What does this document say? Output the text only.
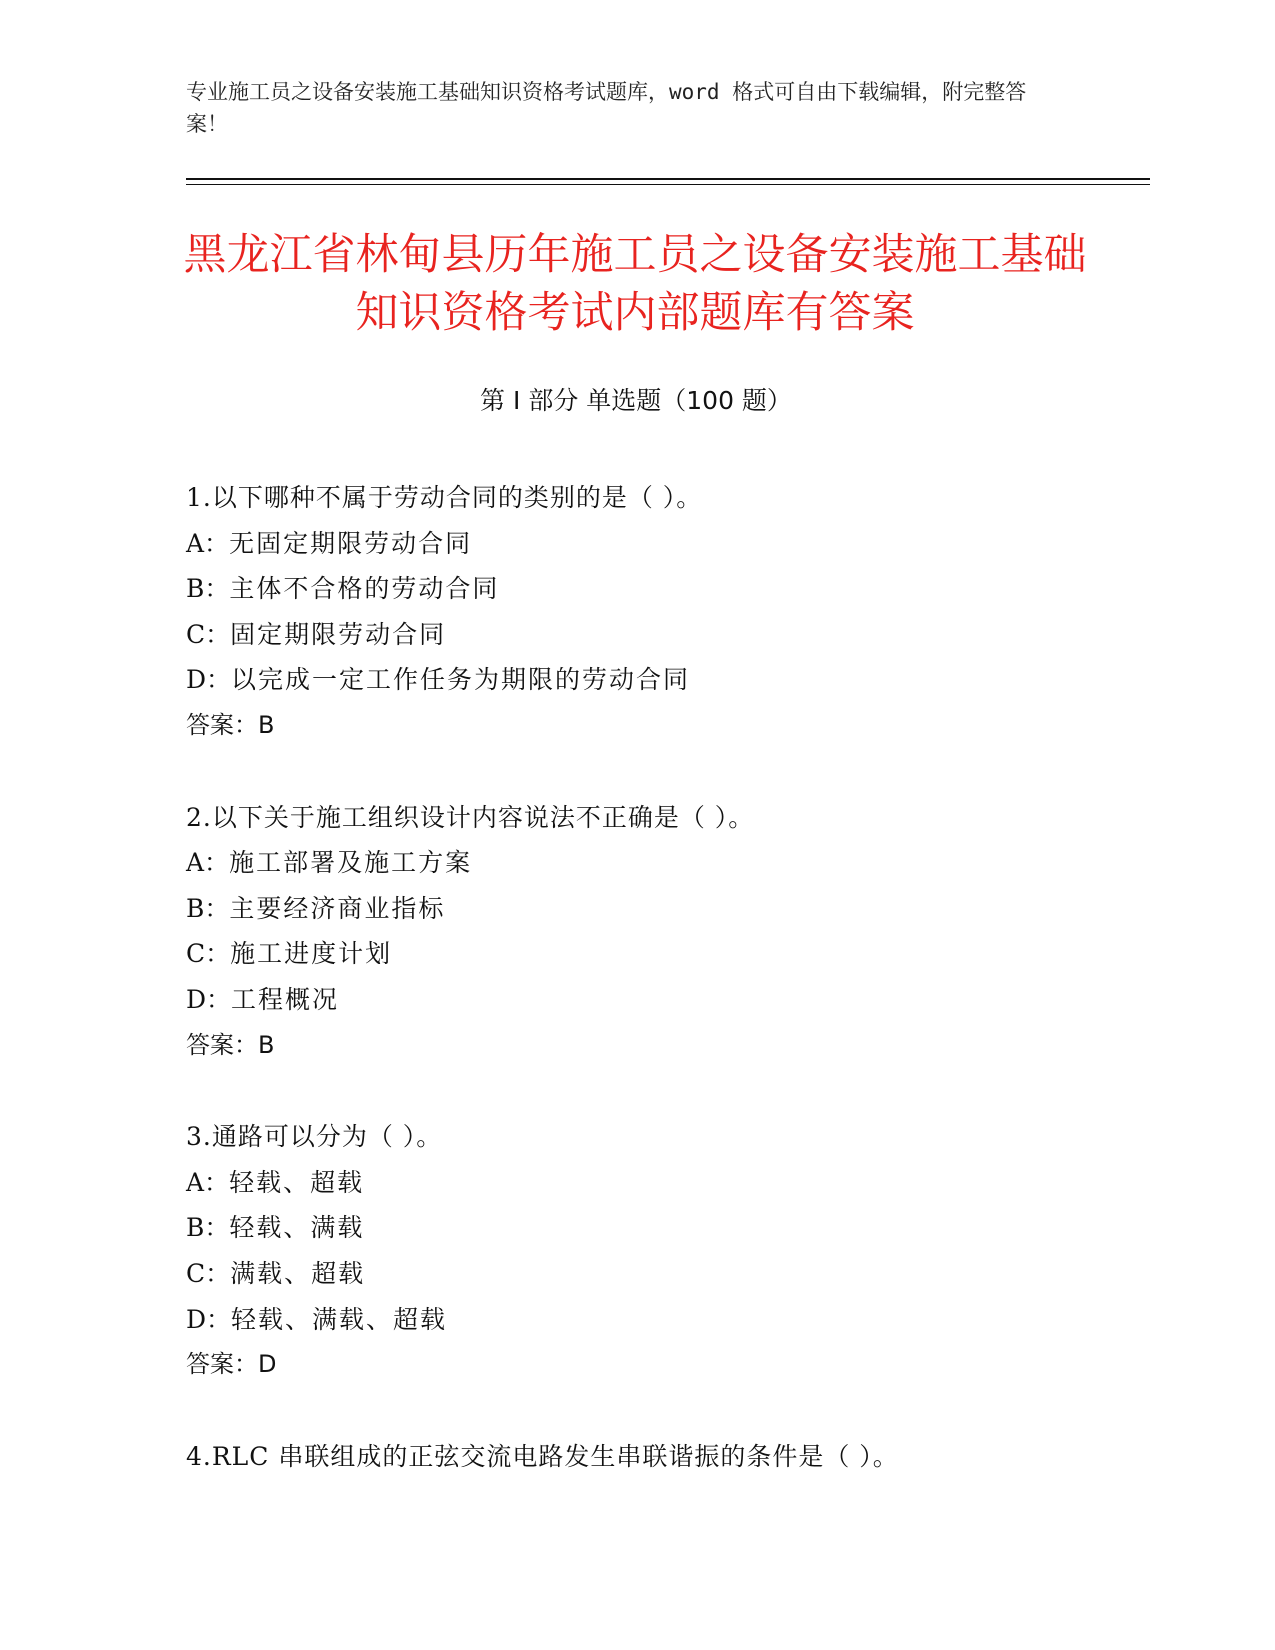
专业施工员之设备安装施工基础知识资格考试题库，word 格式可自由下载编辑，附完整答案！
黑龙江省林甸县历年施工员之设备安装施工基础知识资格考试内部题库有答案
第 I 部分 单选题（100 题）
1.以下哪种不属于劳动合同的类别的是（ ）。
A：无固定期限劳动合同
B：主体不合格的劳动合同
C：固定期限劳动合同
D：以完成一定工作任务为期限的劳动合同
答案：B
2.以下关于施工组织设计内容说法不正确是（ ）。
A：施工部署及施工方案
B：主要经济商业指标
C：施工进度计划
D：工程概况
答案：B
3.通路可以分为（ ）。
A：轻载、超载
B：轻载、满载
C：满载、超载
D：轻载、满载、超载
答案：D
4.RLC 串联组成的正弦交流电路发生串联谐振的条件是（ ）。
